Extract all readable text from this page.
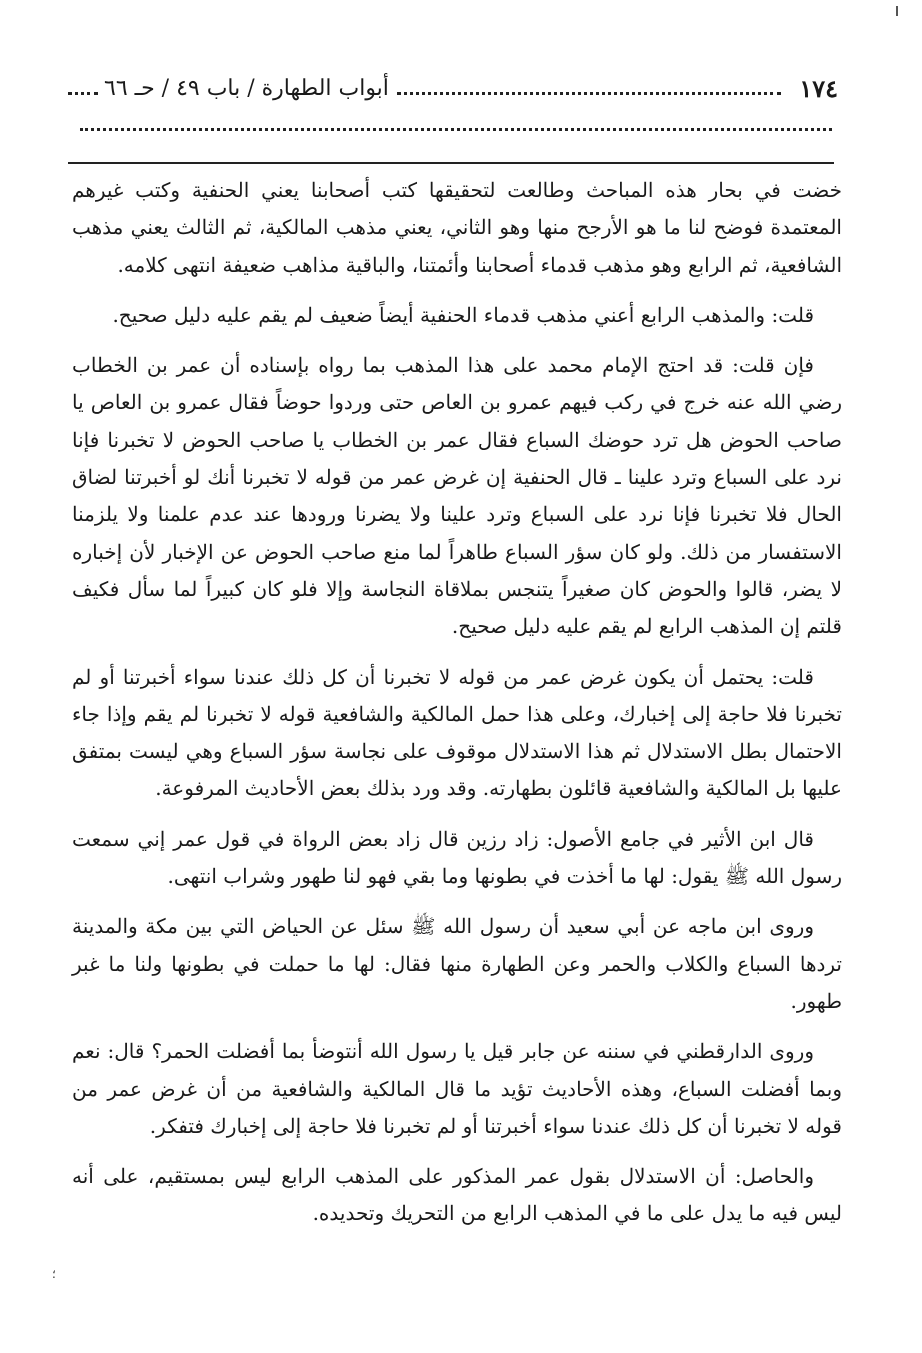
١٧٤
أبواب الطهارة / باب ٤٩ / حـ ٦٦

خضت في بحار هذه المباحث وطالعت لتحقيقها كتب أصحابنا يعني الحنفية وكتب غيرهم المعتمدة فوضح لنا ما هو الأرجح منها وهو الثاني، يعني مذهب المالكية، ثم الثالث يعني مذهب الشافعية، ثم الرابع وهو مذهب قدماء أصحابنا وأئمتنا، والباقية مذاهب ضعيفة انتهى كلامه.

قلت: والمذهب الرابع أعني مذهب قدماء الحنفية أيضاً ضعيف لم يقم عليه دليل صحيح.

فإن قلت: قد احتج الإمام محمد على هذا المذهب بما رواه بإسناده أن عمر بن الخطاب رضي الله عنه خرج في ركب فيهم عمرو بن العاص حتى وردوا حوضاً فقال عمرو بن العاص يا صاحب الحوض هل ترد حوضك السباع فقال عمر بن الخطاب يا صاحب الحوض لا تخبرنا فإنا نرد على السباع وترد علينا ـ قال الحنفية إن غرض عمر من قوله لا تخبرنا أنك لو أخبرتنا لضاق الحال فلا تخبرنا فإنا نرد على السباع وترد علينا ولا يضرنا ورودها عند عدم علمنا ولا يلزمنا الاستفسار من ذلك. ولو كان سؤر السباع طاهراً لما منع صاحب الحوض عن الإخبار لأن إخباره لا يضر، قالوا والحوض كان صغيراً يتنجس بملاقاة النجاسة وإلا فلو كان كبيراً لما سأل فكيف قلتم إن المذهب الرابع لم يقم عليه دليل صحيح.

قلت: يحتمل أن يكون غرض عمر من قوله لا تخبرنا أن كل ذلك عندنا سواء أخبرتنا أو لم تخبرنا فلا حاجة إلى إخبارك، وعلى هذا حمل المالكية والشافعية قوله لا تخبرنا لم يقم وإذا جاء الاحتمال بطل الاستدلال ثم هذا الاستدلال موقوف على نجاسة سؤر السباع وهي ليست بمتفق عليها بل المالكية والشافعية قائلون بطهارته. وقد ورد بذلك بعض الأحاديث المرفوعة.

قال ابن الأثير في جامع الأصول: زاد رزين قال زاد بعض الرواة في قول عمر إني سمعت رسول الله ﷺ يقول: لها ما أخذت في بطونها وما بقي فهو لنا طهور وشراب انتهى.

وروى ابن ماجه عن أبي سعيد أن رسول الله ﷺ سئل عن الحياض التي بين مكة والمدينة تردها السباع والكلاب والحمر وعن الطهارة منها فقال: لها ما حملت في بطونها ولنا ما غبر طهور.

وروى الدارقطني في سننه عن جابر قيل يا رسول الله أنتوضأ بما أفضلت الحمر؟ قال: نعم وبما أفضلت السباع، وهذه الأحاديث تؤيد ما قال المالكية والشافعية من أن غرض عمر من قوله لا تخبرنا أن كل ذلك عندنا سواء أخبرتنا أو لم تخبرنا فلا حاجة إلى إخبارك فتفكر.

والحاصل: أن الاستدلال بقول عمر المذكور على المذهب الرابع ليس بمستقيم، على أنه ليس فيه ما يدل على ما في المذهب الرابع من التحريك وتحديده.

؛
